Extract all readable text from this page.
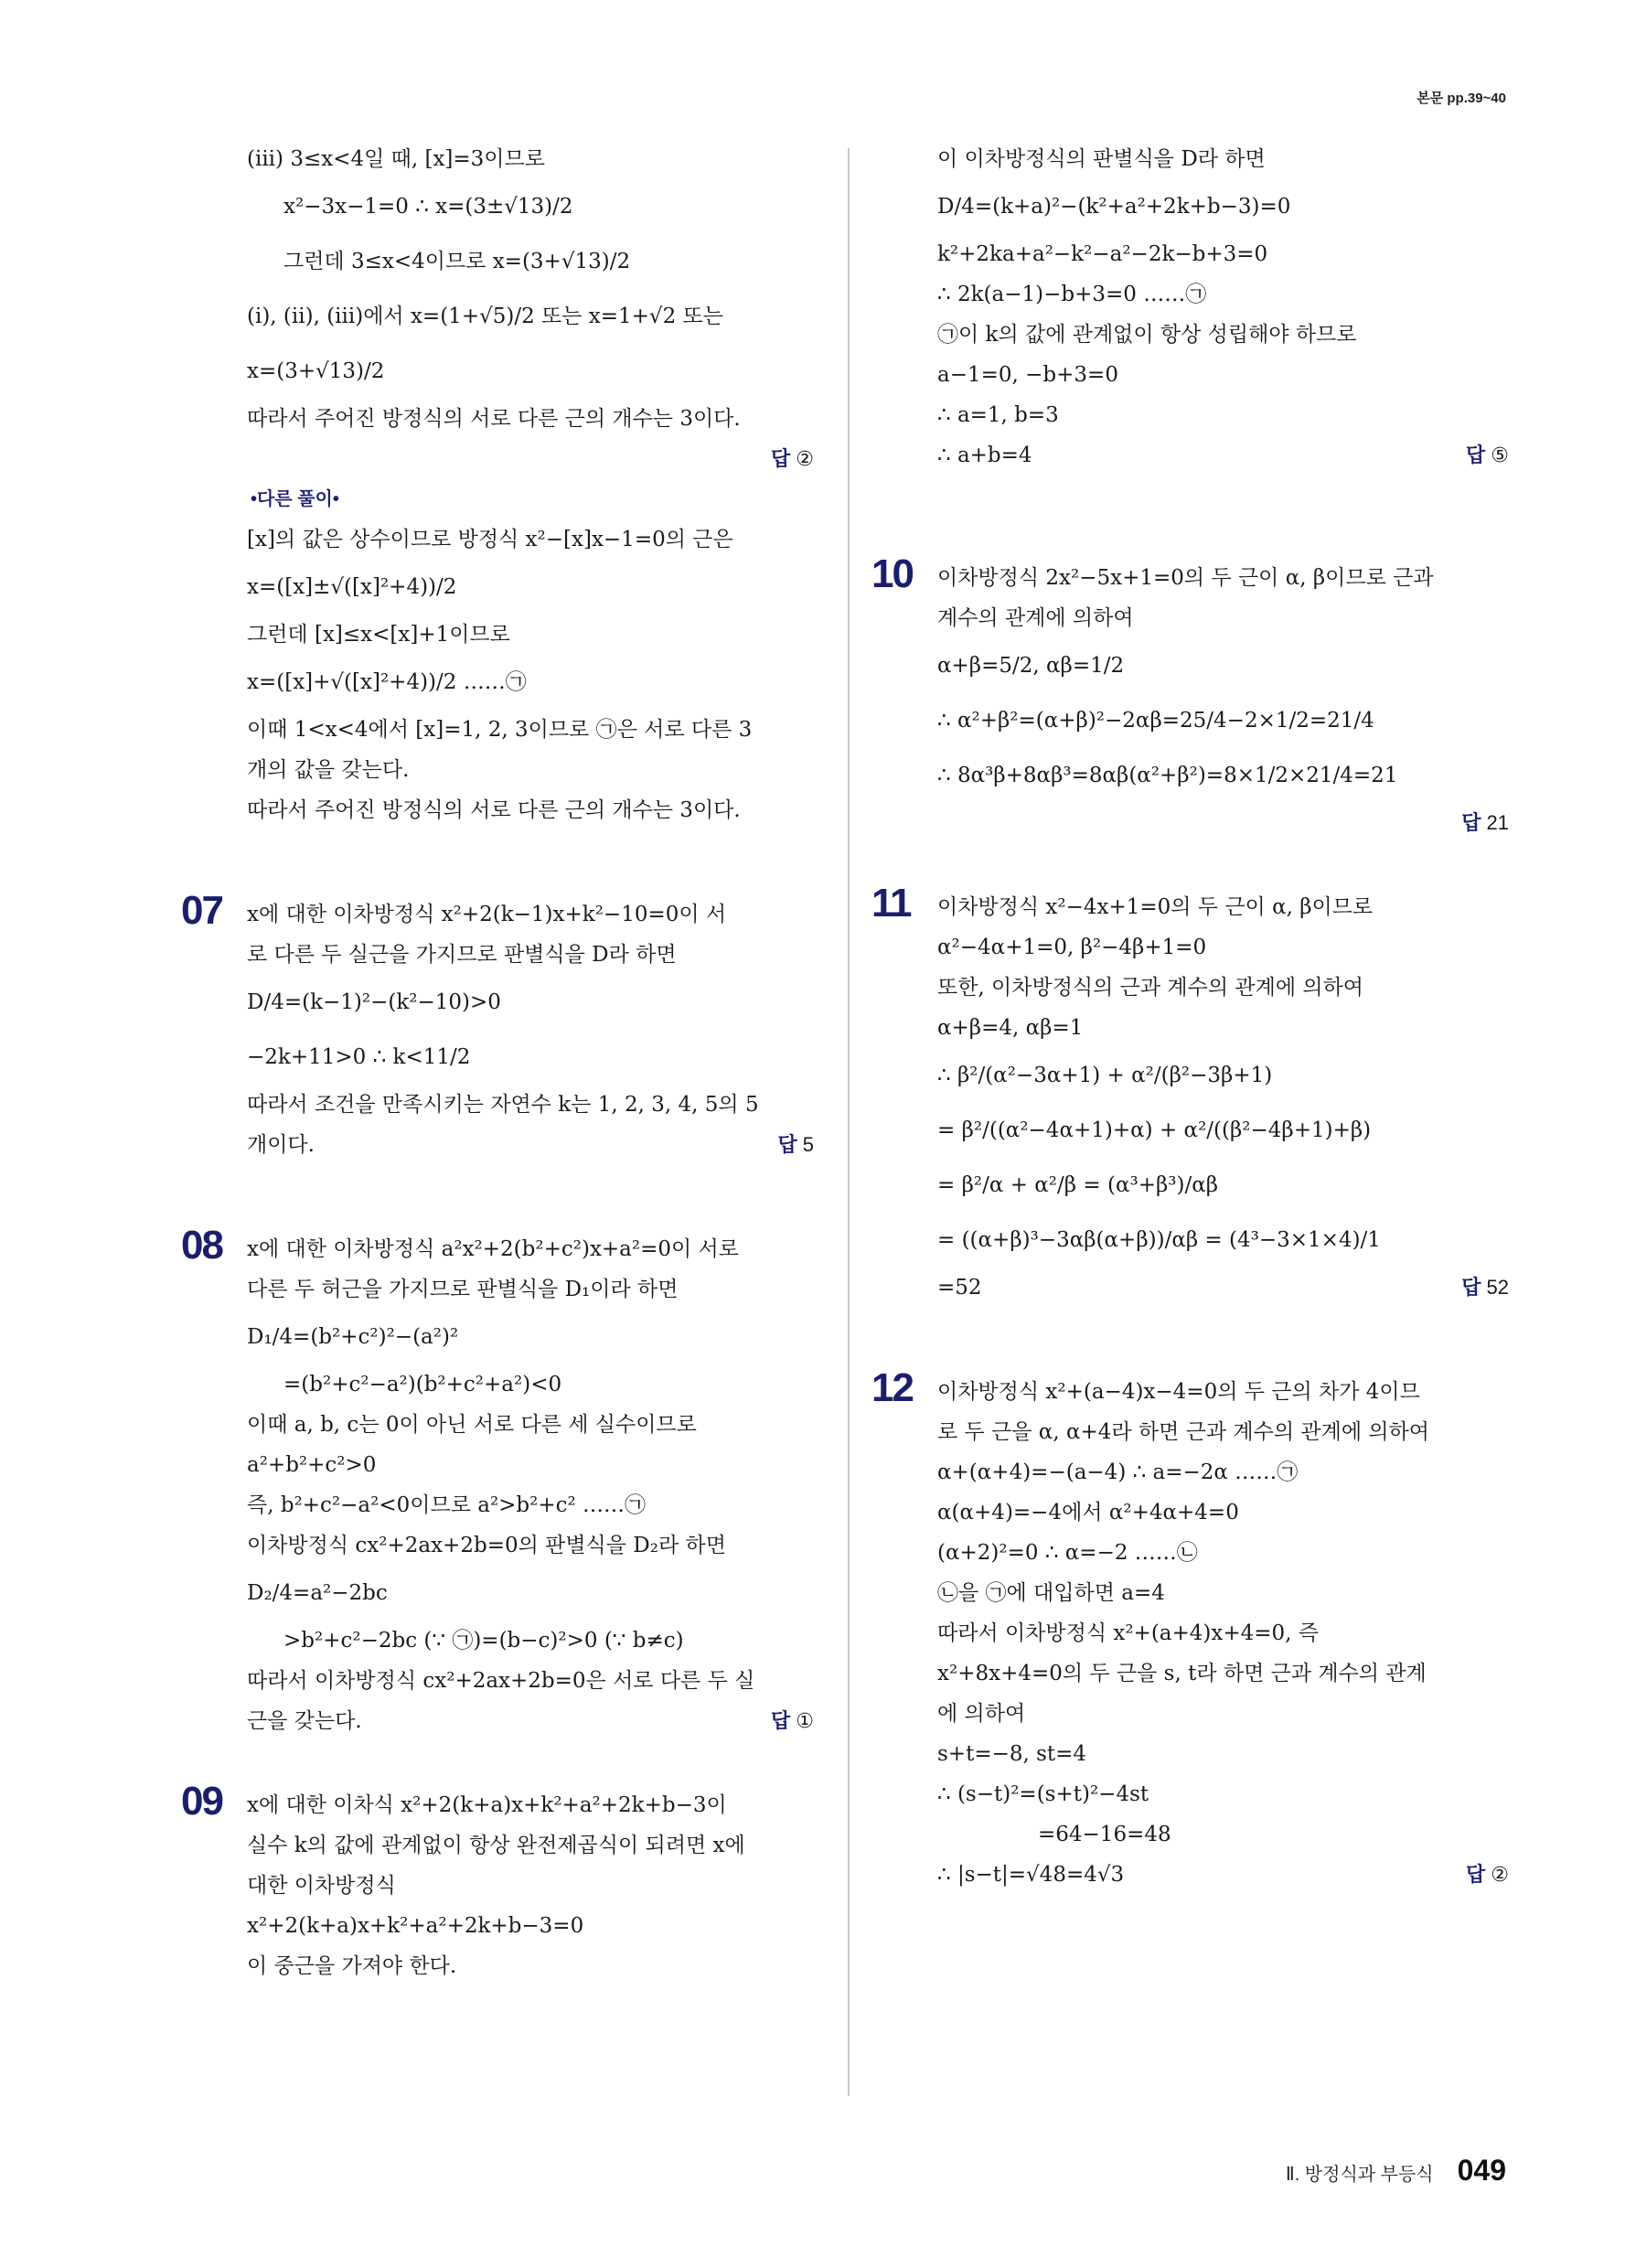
본문 pp.39~40
(iii) 3≤x<4일 때, [x]=3이므로
x²−3x−1=0 ∴ x=(3±√13)/2
그런데 3≤x<4이므로 x=(3+√13)/2
(i), (ii), (iii)에서 x=(1+√5)/2 또는 x=1+√2 또는
x=(3+√13)/2
따라서 주어진 방정식의 서로 다른 근의 개수는 3이다.
답 ②
•다른 풀이•
[x]의 값은 상수이므로 방정식 x²−[x]x−1=0의 근은
x=([x]±√([x]²+4))/2
그런데 [x]≤x<[x]+1이므로
x=([x]+√([x]²+4))/2 ……㉠
이때 1<x<4에서 [x]=1, 2, 3이므로 ㉠은 서로 다른 3
개의 값을 갖는다.
따라서 주어진 방정식의 서로 다른 근의 개수는 3이다.
07 x에 대한 이차방정식 x²+2(k−1)x+k²−10=0이 서
로 다른 두 실근을 가지므로 판별식을 D라 하면
D/4=(k−1)²−(k²−10)>0
−2k+11>0 ∴ k<11/2
따라서 조건을 만족시키는 자연수 k는 1, 2, 3, 4, 5의 5
개이다.	답 5
08 x에 대한 이차방정식 a²x²+2(b²+c²)x+a²=0이 서로
다른 두 허근을 가지므로 판별식을 D₁이라 하면
D₁/4=(b²+c²)²−(a²)²
=(b²+c²−a²)(b²+c²+a²)<0
이때 a, b, c는 0이 아닌 서로 다른 세 실수이므로
a²+b²+c²>0
즉, b²+c²−a²<0이므로 a²>b²+c² ……㉠
이차방정식 cx²+2ax+2b=0의 판별식을 D₂라 하면
D₂/4=a²−2bc
>b²+c²−2bc (∵ ㉠)=(b−c)²>0 (∵ b≠c)
따라서 이차방정식 cx²+2ax+2b=0은 서로 다른 두 실
근을 갖는다.	답 ①
09 x에 대한 이차식 x²+2(k+a)x+k²+a²+2k+b−3이
실수 k의 값에 관계없이 항상 완전제곱식이 되려면 x에
대한 이차방정식
x²+2(k+a)x+k²+a²+2k+b−3=0
이 중근을 가져야 한다.
이 이차방정식의 판별식을 D라 하면
D/4=(k+a)²−(k²+a²+2k+b−3)=0
k²+2ka+a²−k²−a²−2k−b+3=0
∴ 2k(a−1)−b+3=0 ……㉠
㉠이 k의 값에 관계없이 항상 성립해야 하므로
a−1=0, −b+3=0
∴ a=1, b=3
∴ a+b=4	답 ⑤
10 이차방정식 2x²−5x+1=0의 두 근이 α, β이므로 근과
계수의 관계에 의하여
α+β=5/2, αβ=1/2
∴ α²+β²=(α+β)²−2αβ=25/4−2×1/2=21/4
∴ 8α³β+8αβ³=8αβ(α²+β²)=8×1/2×21/4=21
답 21
11 이차방정식 x²−4x+1=0의 두 근이 α, β이므로
α²−4α+1=0, β²−4β+1=0
또한, 이차방정식의 근과 계수의 관계에 의하여
α+β=4, αβ=1
∴ β²/(α²−3α+1) + α²/(β²−3β+1)
= β²/((α²−4α+1)+α) + α²/((β²−4β+1)+β)
= β²/α + α²/β = (α³+β³)/αβ
= ((α+β)³−3αβ(α+β))/αβ = (4³−3×1×4)/1
=52	답 52
12 이차방정식 x²+(a−4)x−4=0의 두 근의 차가 4이므
로 두 근을 α, α+4라 하면 근과 계수의 관계에 의하여
α+(α+4)=−(a−4) ∴ a=−2α ……㉠
α(α+4)=−4에서 α²+4α+4=0
(α+2)²=0 ∴ α=−2 ……㉡
㉡을 ㉠에 대입하면 a=4
따라서 이차방정식 x²+(a+4)x+4=0, 즉
x²+8x+4=0의 두 근을 s, t라 하면 근과 계수의 관계
에 의하여
s+t=−8, st=4
∴ (s−t)²=(s+t)²−4st
=64−16=48
∴ |s−t|=√48=4√3	답 ②
Ⅱ. 방정식과 부등식 049
